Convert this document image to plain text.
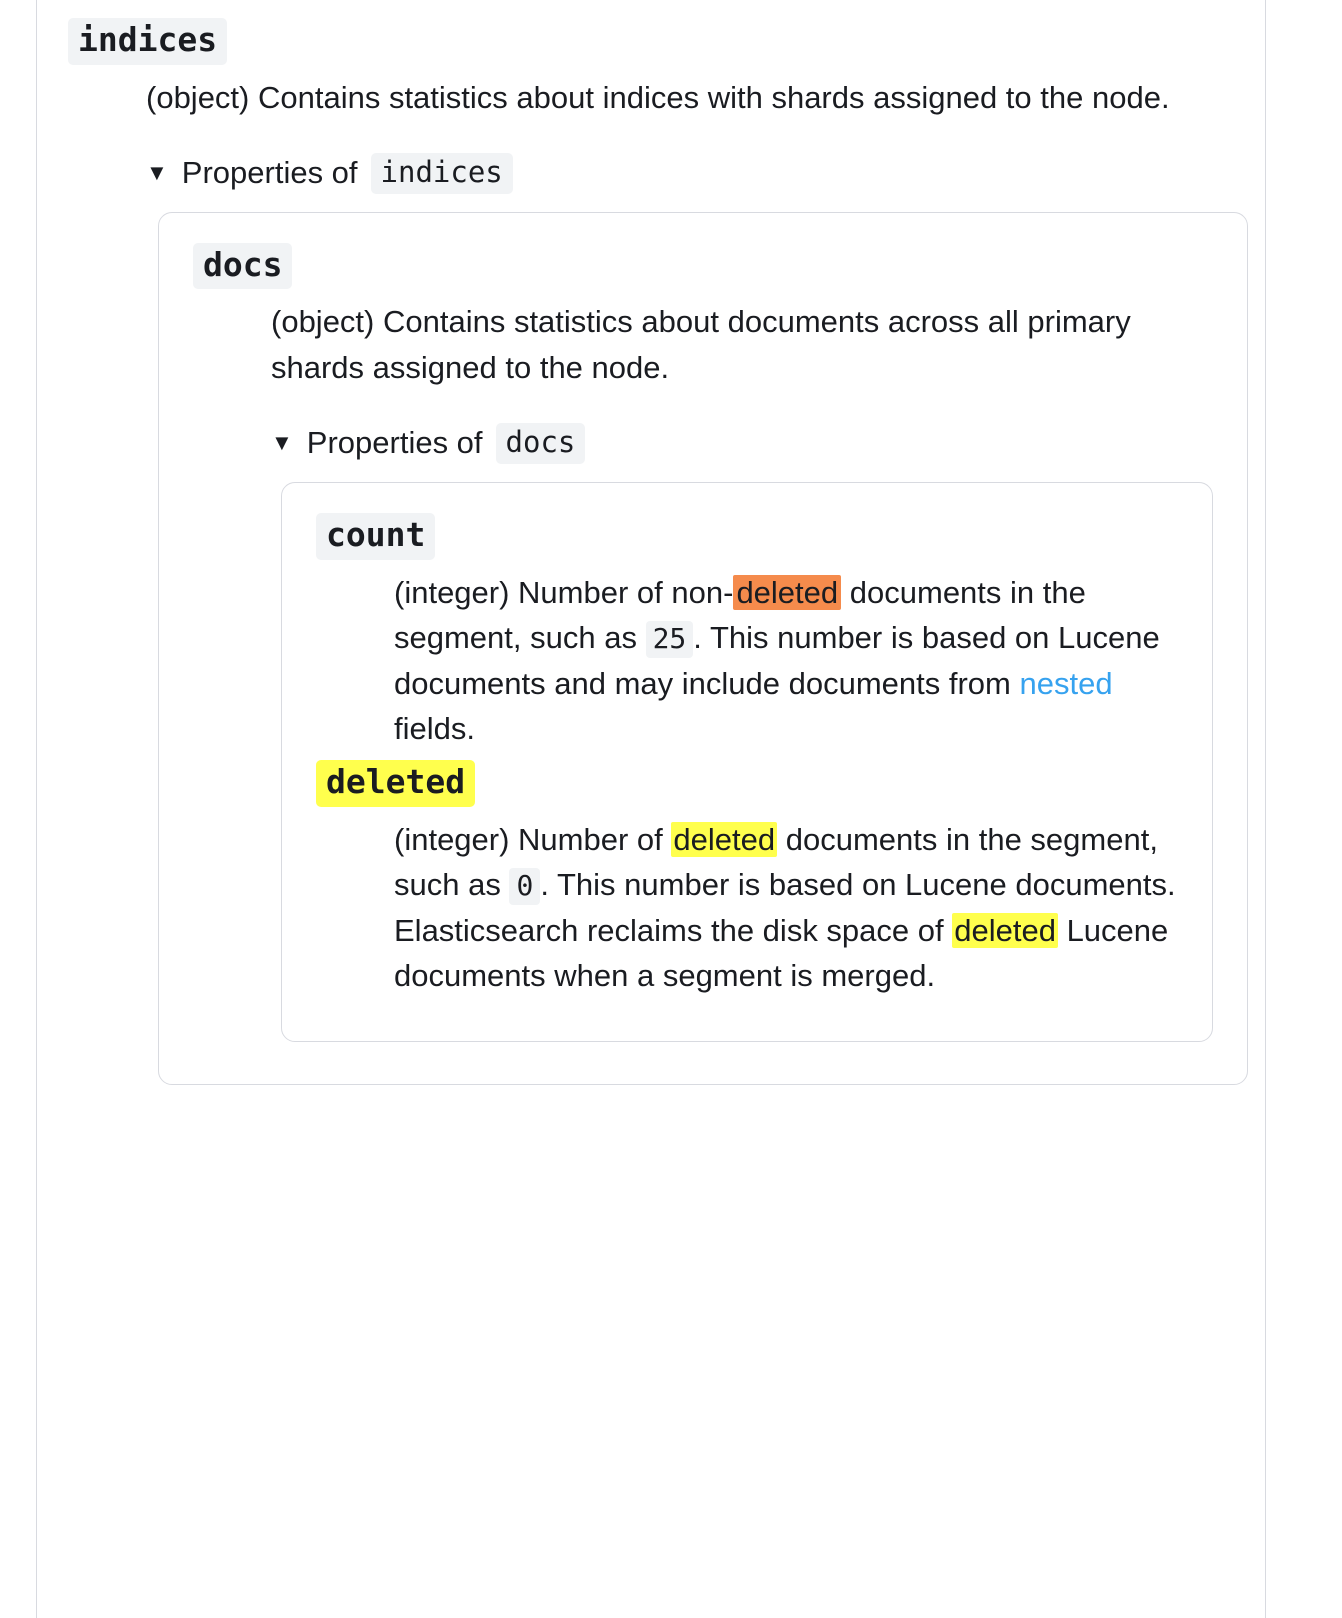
indices

(object) Contains statistics about indices with shards assigned to the node.

▼ Properties of indices
docs

(object) Contains statistics about documents across all primary shards assigned to the node.

▼ Properties of docs
count

(integer) Number of non-deleted documents in the segment, such as 25 . This number is based on Lucene documents and may include documents from nested fields.

deleted

(integer) Number of deleted documents in the segment, such as 0 . This number is based on Lucene documents. Elasticsearch reclaims the disk space of deleted Lucene documents when a segment is merged.
